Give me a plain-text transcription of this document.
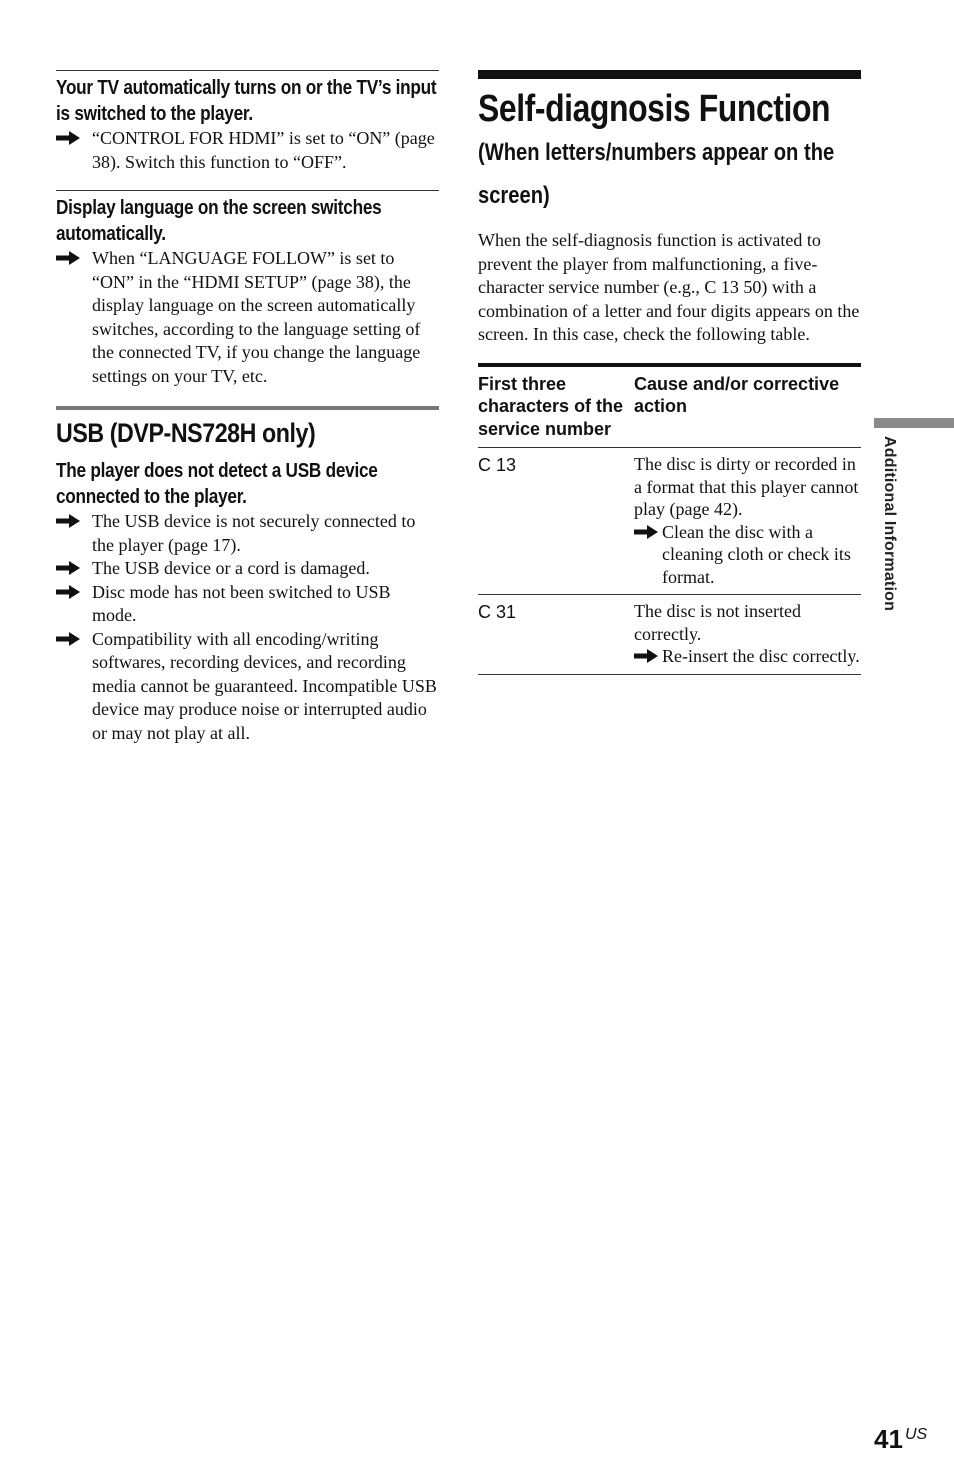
Your TV automatically turns on or the TV’s input is switched to the player.
“CONTROL FOR HDMI” is set to “ON” (page 38). Switch this function to “OFF”.
Display language on the screen switches automatically.
When “LANGUAGE FOLLOW” is set to “ON” in the “HDMI SETUP” (page 38), the display language on the screen automatically switches, according to the language setting of the connected TV, if you change the language settings on your TV, etc.
USB (DVP-NS728H only)
The player does not detect a USB device connected to the player.
The USB device is not securely connected to the player (page 17).
The USB device or a cord is damaged.
Disc mode has not been switched to USB mode.
Compatibility with all encoding/writing softwares, recording devices, and recording media cannot be guaranteed. Incompatible USB device may produce noise or interrupted audio or may not play at all.
Self-diagnosis Function
(When letters/numbers appear on the screen)
When the self-diagnosis function is activated to prevent the player from malfunctioning, a five-character service number (e.g., C 13 50) with a combination of a letter and four digits appears on the screen. In this case, check the following table.
First three characters of the service number	Cause and/or corrective action
C 13	The disc is dirty or recorded in a format that this player cannot play (page 42).
Clean the disc with a cleaning cloth or check its format.

C 31	The disc is not inserted correctly.
Re-insert the disc correctly.
Additional Information
41 US
